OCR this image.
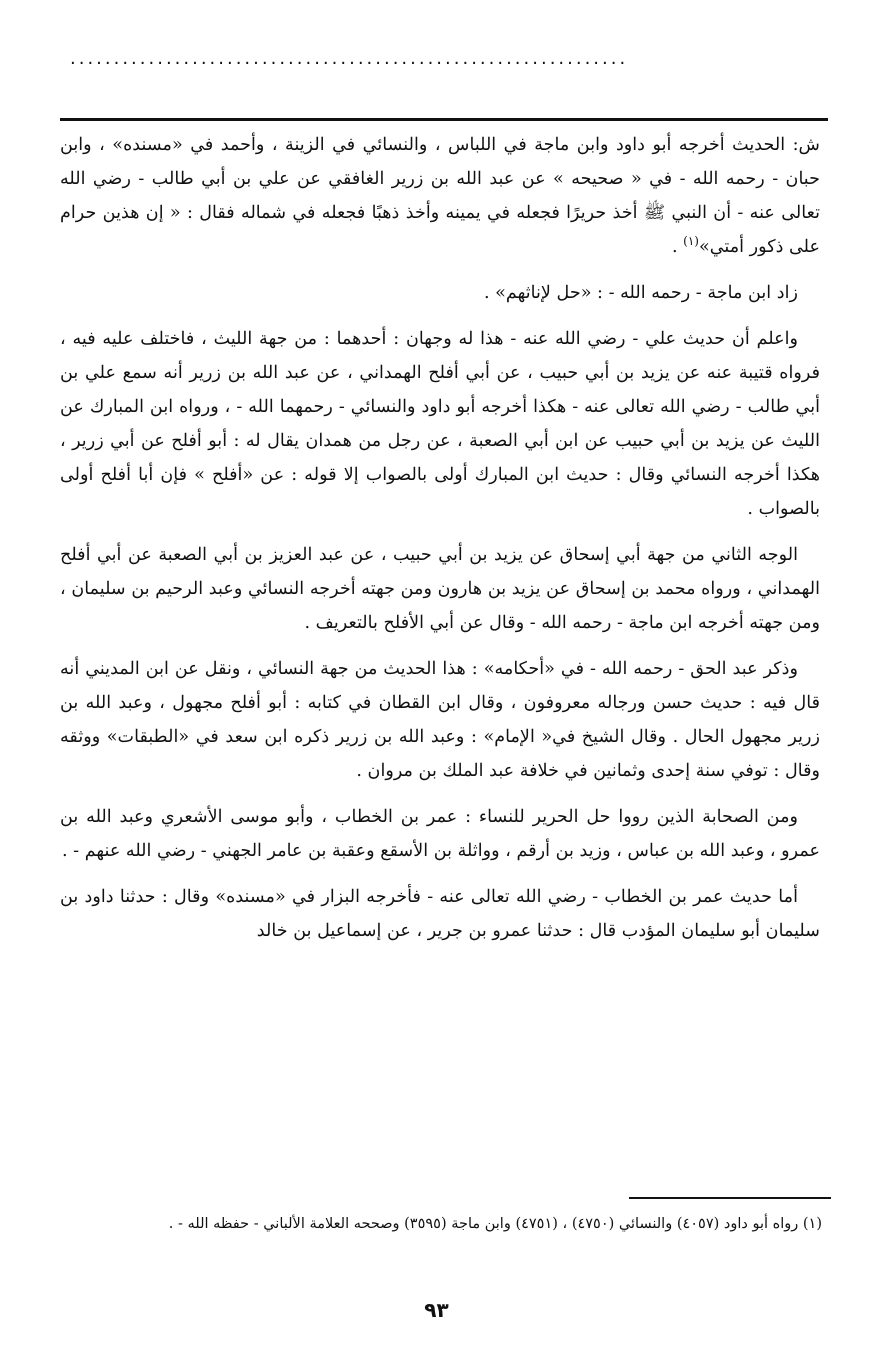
................................................................

ش: الحديث أخرجه أبو داود وابن ماجة في اللباس ، والنسائي في الزينة ، وأحمد في «مسنده» ، وابن حبان - رحمه الله - في « صحيحه » عن عبد الله بن زرير الغافقي عن علي بن أبي طالب - رضي الله تعالى عنه - أن النبي ﷺ أخذ حريرًا فجعله في يمينه وأخذ ذهبًا فجعله في شماله فقال : « إن هذين حرام على ذكور أمتي»$^{(١)}$ .

زاد ابن ماجة - رحمه الله - : «حل لإناثهم» .

واعلم أن حديث علي - رضي الله عنه - هذا له وجهان : أحدهما : من جهة الليث ، فاختلف عليه فيه ، فرواه قتيبة عنه عن يزيد بن أبي حبيب ، عن أبي أفلح الهمداني ، عن عبد الله بن زرير أنه سمع علي بن أبي طالب - رضي الله تعالى عنه - هكذا أخرجه أبو داود والنسائي - رحمهما الله - ، ورواه ابن المبارك عن الليث عن يزيد بن أبي حبيب عن ابن أبي الصعبة ، عن رجل من همدان يقال له : أبو أفلح عن أبي زرير ، هكذا أخرجه النسائي وقال : حديث ابن المبارك أولى بالصواب إلا قوله : عن «أفلح » فإن أبا أفلح أولى بالصواب .

الوجه الثاني من جهة أبي إسحاق عن يزيد بن أبي حبيب ، عن عبد العزيز بن أبي الصعبة عن أبي أفلح الهمداني ، ورواه محمد بن إسحاق عن يزيد بن هارون ومن جهته أخرجه النسائي وعبد الرحيم بن سليمان ، ومن جهته أخرجه ابن ماجة - رحمه الله - وقال عن أبي الأفلح بالتعريف .

وذكر عبد الحق - رحمه الله - في «أحكامه» : هذا الحديث من جهة النسائي ، ونقل عن ابن المديني أنه قال فيه : حديث حسن ورجاله معروفون ، وقال ابن القطان في كتابه : أبو أفلح مجهول ، وعبد الله بن زرير مجهول الحال . وقال الشيخ في« الإمام» : وعبد الله بن زرير ذكره ابن سعد في «الطبقات» ووثقه وقال : توفي سنة إحدى وثمانين في خلافة عبد الملك بن مروان .

ومن الصحابة الذين رووا حل الحرير للنساء : عمر بن الخطاب ، وأبو موسى الأشعري وعبد الله بن عمرو ، وعبد الله بن عباس ، وزيد بن أرقم ، وواثلة بن الأسقع وعقبة بن عامر الجهني - رضي الله عنهم - .

أما حديث عمر بن الخطاب - رضي الله تعالى عنه - فأخرجه البزار في «مسنده» وقال : حدثنا داود بن سليمان أبو سليمان المؤدب قال : حدثنا عمرو بن جرير ، عن إسماعيل بن خالد

(١) رواه أبو داود (٤٠٥٧) والنسائي (٤٧٥٠) ، (٤٧٥١) وابن ماجة (٣٥٩٥) وصححه العلامة الألباني - حفظه الله - .

٩٣
